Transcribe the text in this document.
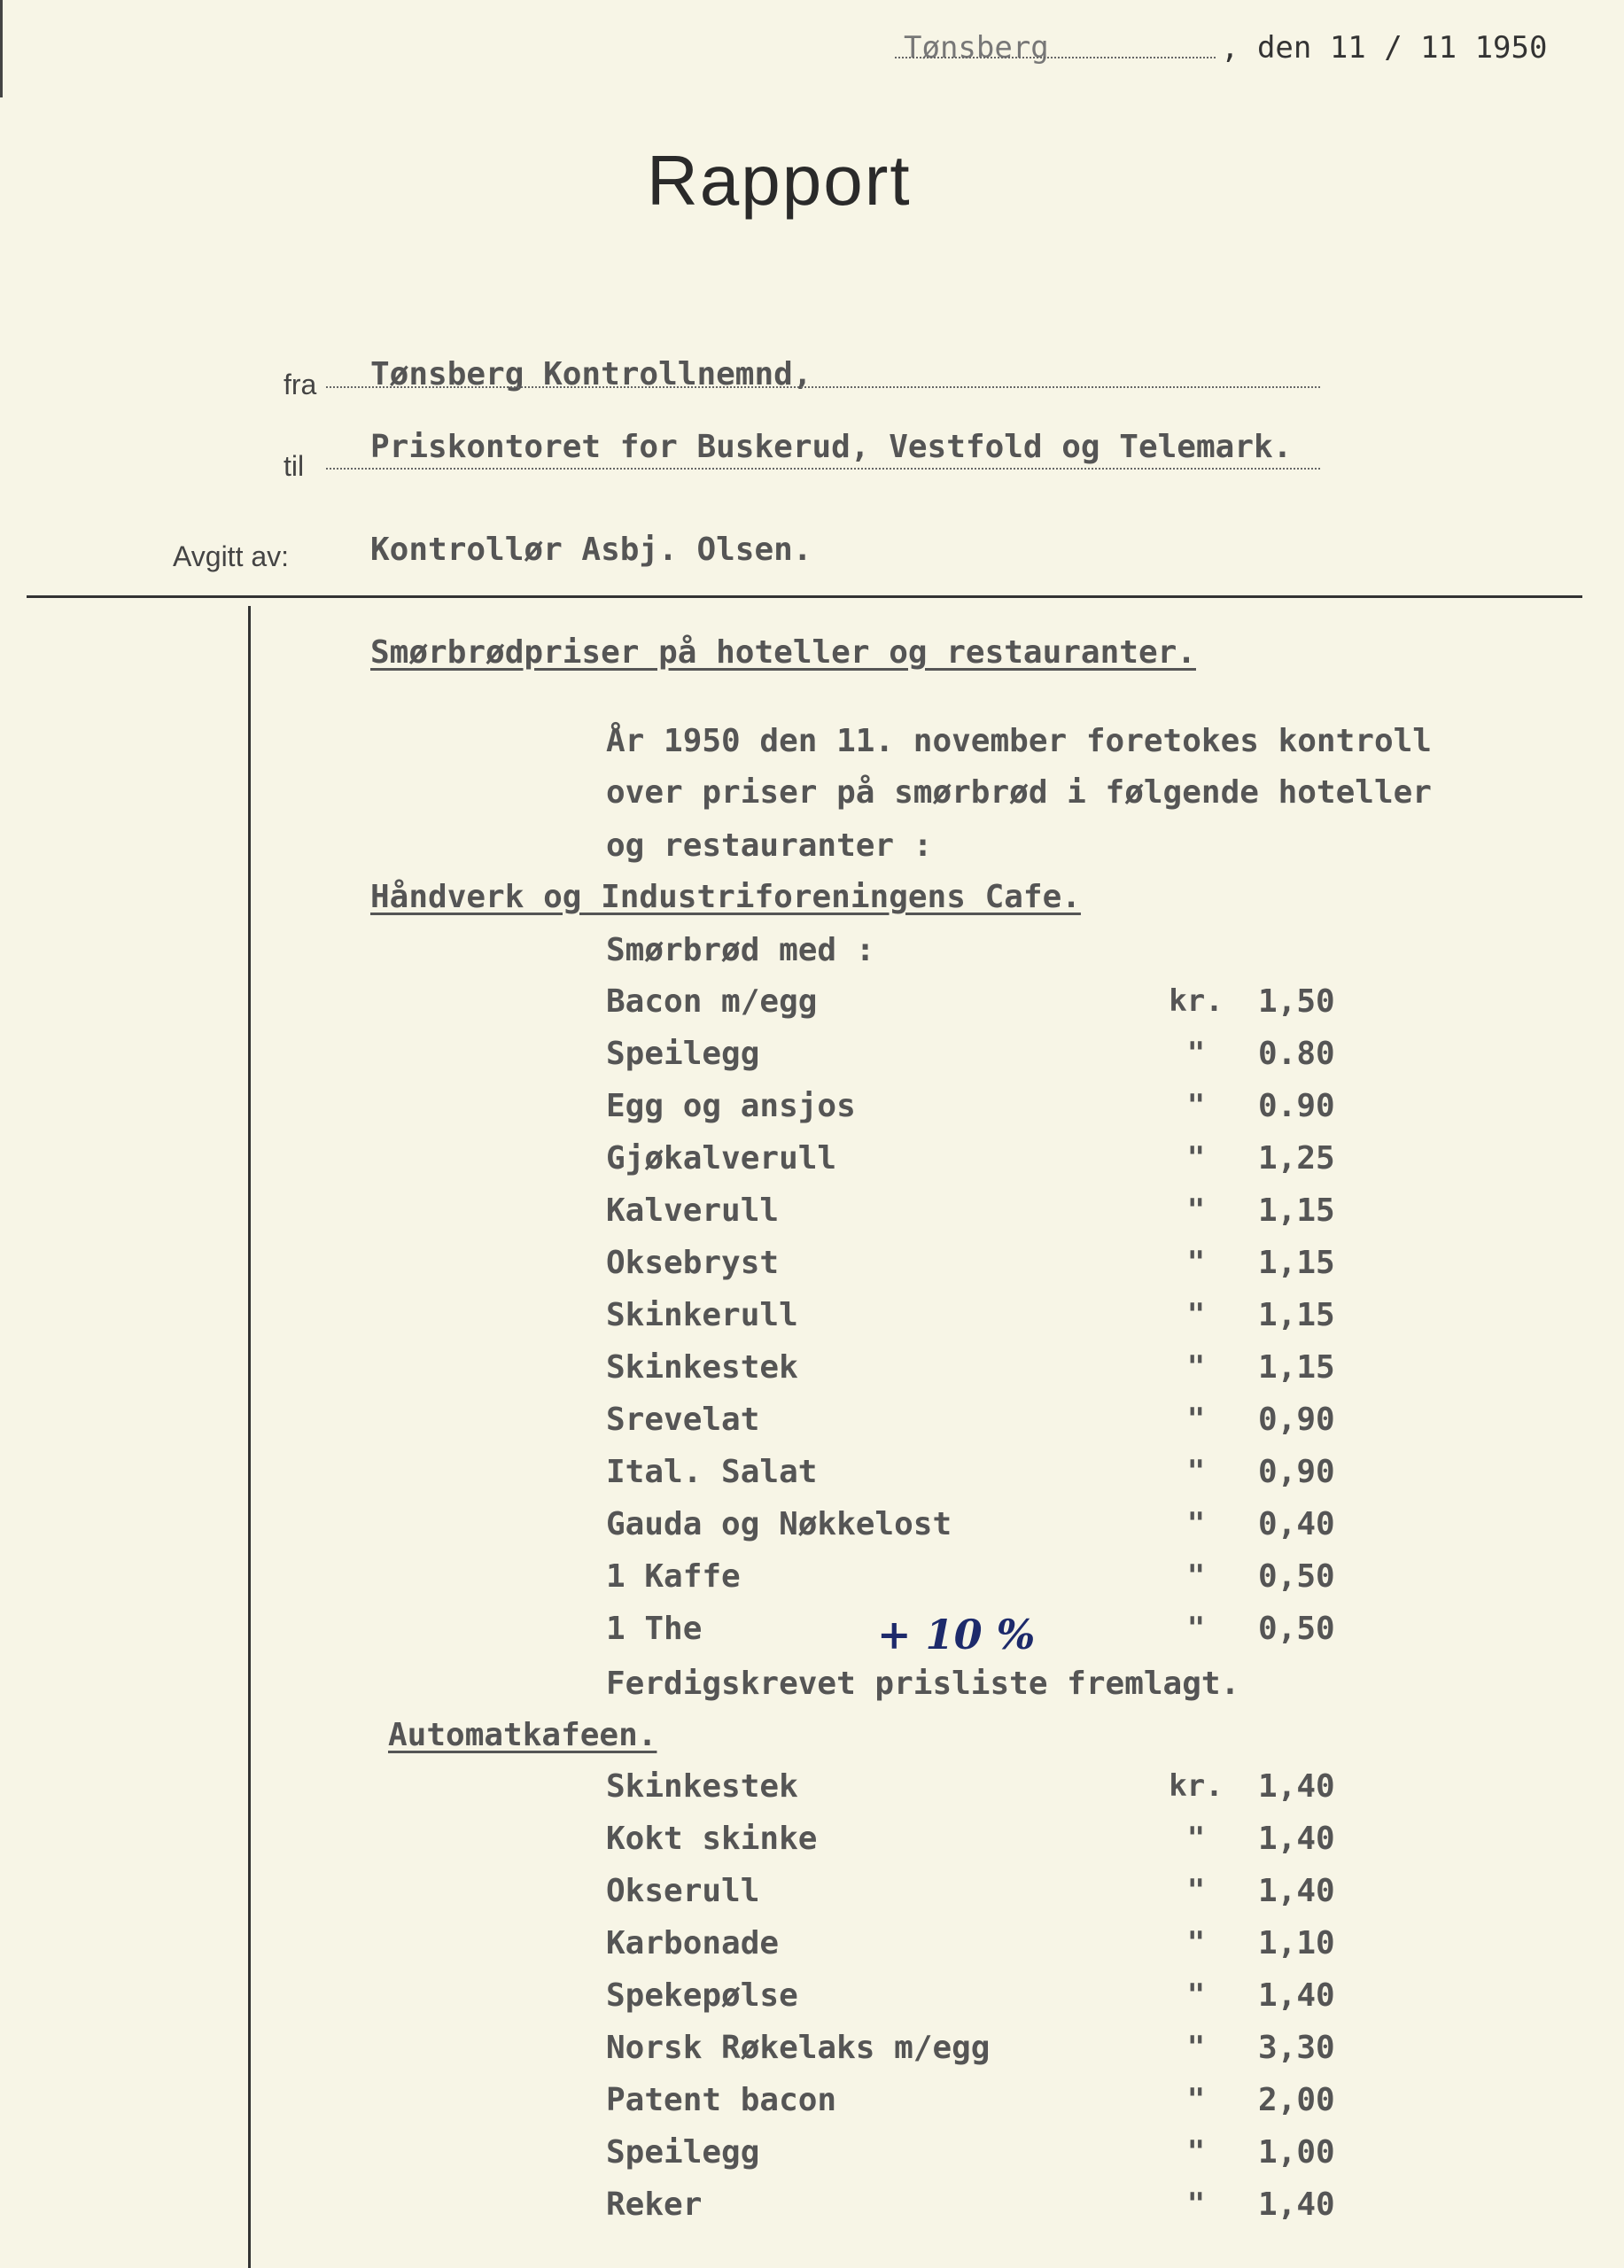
Tønsberg	, den 11 / 11 1950
Rapport
fra Tønsberg Kontrollnemnd,
til
Priskontoret for Buskerud, Vestfold og Telemark.
Avgitt av:	Kontrollør Asbj. Olsen.
Smørbrødpriser på hoteller og restauranter.
År 1950 den 11. november foretokes kontroll
over priser på smørbrød i følgende hoteller
og restauranter :
Håndverk og Industriforeningens Cafe.
Smørbrød med :
Bacon m/egg	kr. 1,50
Speilegg	"	0.80
Egg og ansjos	"	0.90
Gjøkalverull	"	1,25
Kalverull	"	1,15
Oksebryst	"	1,15
Skinkerull	"	1,15
Skinkestek	"	1,15
Srevelat	"	0,90
Ital. Salat	"	0,90
Gauda og Nøkkelost	"	0,40
1 Kaffe	"	0,50
1 The	"	0,50
+ 10 %
Ferdigskrevet prisliste fremlagt.
Automatkafeen.
Skinkestek	kr. 1,40
Kokt skinke	"	1,40
Okserull	"	1,40
Karbonade	"	1,10
Spekepølse	"	1,40
Norsk Røkelaks m/egg	"	3,30
Patent bacon	"	2,00
Speilegg	"	1,00
Reker	"	1,40
